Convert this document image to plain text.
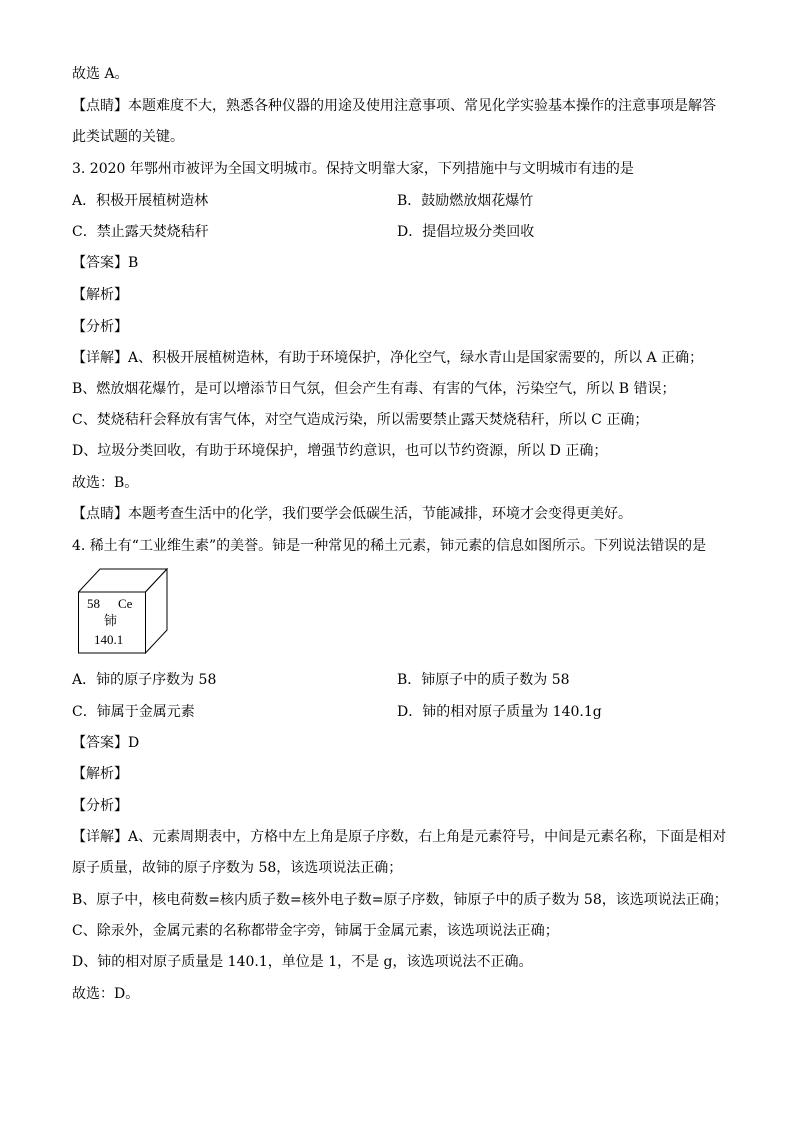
故选 A。
【点睛】本题难度不大，熟悉各种仪器的用途及使用注意事项、常见化学实验基本操作的注意事项是解答
此类试题的关键。
3. 2020 年鄂州市被评为全国文明城市。保持文明靠大家，下列措施中与文明城市有违的是
A．积极开展植树造林	B．鼓励燃放烟花爆竹
C．禁止露天焚烧秸秆	D．提倡垃圾分类回收
【答案】B
【解析】
【分析】
【详解】A、积极开展植树造林，有助于环境保护，净化空气，绿水青山是国家需要的，所以 A 正确；
B、燃放烟花爆竹，是可以增添节日气氛，但会产生有毒、有害的气体，污染空气，所以 B 错误；
C、焚烧秸秆会释放有害气体，对空气造成污染，所以需要禁止露天焚烧秸秆，所以 C 正确；
D、垃圾分类回收，有助于环境保护，增强节约意识，也可以节约资源，所以 D 正确；
故选：B。
【点睛】本题考查生活中的化学，我们要学会低碳生活，节能减排，环境才会变得更美好。
4. 稀土有“工业维生素”的美誉。铈是一种常见的稀土元素，铈元素的信息如图所示。下列说法错误的是
58 Ce
铈
140.1
A．铈的原子序数为 58	B．铈原子中的质子数为 58
C．铈属于金属元素	D．铈的相对原子质量为 140.1g
【答案】D
【解析】
【分析】
【详解】A、元素周期表中，方格中左上角是原子序数，右上角是元素符号，中间是元素名称，下面是相对
原子质量，故铈的原子序数为 58，该选项说法正确；
B、原子中，核电荷数=核内质子数=核外电子数=原子序数，铈原子中的质子数为 58，该选项说法正确；
C、除汞外，金属元素的名称都带金字旁，铈属于金属元素，该选项说法正确；
D、铈的相对原子质量是 140.1，单位是 1，不是 g，该选项说法不正确。
故选：D。
